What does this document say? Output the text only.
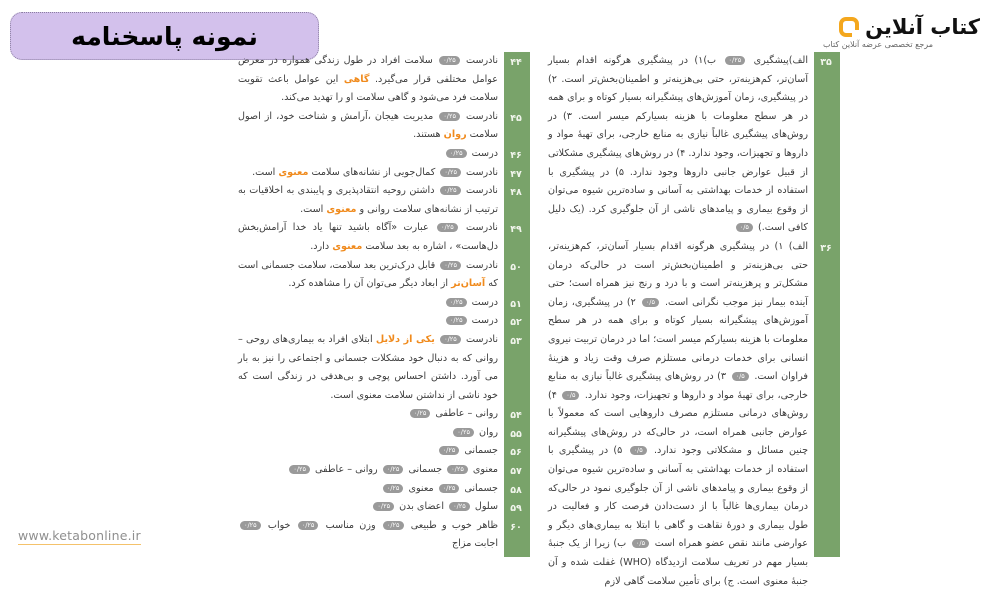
نمونه پاسخنامه	کتاب آنلاین
مرجع تخصصی عرضه آنلاین کتاب
۳۵
الف)پیشگیری ۰/۲۵ ب)۱) در پیشگیری هرگونه اقدام بسیار آسان‌تر، کم‌هزینه‌تر، حتی بی‌هزینه‌تر و اطمینان‌بخش‌تر است. ۲) در پیشگیری، زمان آموزش‌های پیشگیرانه بسیار کوتاه و برای همه در هر سطح معلومات با هزینه بسیارکم میسر است. ۳) در روش‌های پیشگیری غالباً نیازی به منابع خارجی، برای تهیهٔ مواد و داروها و تجهیزات، وجود ندارد. ۴) در روش‌های پیشگیری مشکلاتی از قبیل عوارض جانبی داروها وجود ندارد. ۵) در پیشگیری با استفاده از خدمات بهداشتی به آسانی و ساده‌ترین شیوه می‌توان از وقوع بیماری و پیامدهای ناشی از آن جلوگیری کرد. (یک دلیل کافی است.) ۰/۵
۳۶
الف) ۱) در پیشگیری هرگونه اقدام بسیار آسان‌تر، کم‌هزینه‌تر، حتی بی‌هزینه‌تر و اطمینان‌بخش‌تر است در حالی‌که درمان مشکل‌تر و پرهزینه‌تر است و با درد و رنج نیز همراه است؛ حتی آینده بیمار نیز موجب نگرانی است. ۰/۵ ۲) در پیشگیری، زمان آموزش‌های پیشگیرانه بسیار کوتاه و برای همه در هر سطح معلومات با هزینه بسیارکم میسر است؛ اما در درمان تربیت نیروی انسانی برای خدمات درمانی مستلزم صرف وقت زیاد و هزینهٔ فراوان است. ۰/۵ ۳) در روش‌های پیشگیری غالباً نیازی به منابع خارجی، برای تهیهٔ مواد و داروها و تجهیزات، وجود ندارد. ۰/۵ ۴) روش‌های درمانی مستلزم مصرف داروهایی است که معمولاً با عوارض جانبی همراه است، در حالی‌که در روش‌های پیشگیرانه چنین مسائل و مشکلاتی وجود ندارد. ۰/۵ ۵) در پیشگیری با استفاده از خدمات بهداشتی به آسانی و ساده‌ترین شیوه می‌توان از وقوع بیماری و پیامدهای ناشی از آن جلوگیری نمود در حالی‌که درمان بیماری‌ها غالباً با از دست‌دادن فرصت کار و فعالیت در طول بیماری و دورهٔ نقاهت و گاهی با ابتلا به بیماری‌های دیگر و عوارضی مانند نقص عضو همراه است ۰/۵ ب) زیرا از یک جنبهٔ بسیار مهم در تعریف سلامت ازدیدگاه (WHO) غفلت شده و آن جنبهٔ معنوی است. ج) برای تأمین سلامت گاهی لازم
۴۴
نادرست ۰/۲۵ سلامت افراد در طول زندگی همواره در معرض عوامل مختلفی قرار می‌گیرد. گاهی این عوامل باعث تقویت سلامت فرد می‌شود و گاهی سلامت او را تهدید می‌کند.
۴۵
نادرست ۰/۲۵ مدیریت هیجان ،آرامش و شناخت خود، از اصول سلامت روان هستند.
۴۶
درست ۰/۲۵
۴۷
نادرست ۰/۲۵ کمال‌جویی از نشانه‌های سلامت معنوی است.
۴۸
نادرست ۰/۲۵ داشتن روحیه انتقادپذیری و پایبندی به اخلاقیات به ترتیب از نشانه‌های سلامت روانی و معنوی است.
۴۹
نادرست ۰/۲۵ عبارت «آگاه باشید تنها یاد خدا آرامش‌بخش دل‌هاست» ، اشاره به بعد سلامت معنوی دارد.
۵۰
نادرست ۰/۲۵ قابل درک‌ترین بعد سلامت، سلامت جسمانی است که آسان‌تر از ابعاد دیگر می‌توان آن را مشاهده کرد.
۵۱
درست ۰/۲۵
۵۲
درست ۰/۲۵
۵۳
نادرست ۰/۲۵ یکی از دلایل ابتلای افراد به بیماری‌های روحی – روانی که به دنبال خود مشکلات جسمانی و اجتماعی را نیز به بار می آورد. داشتن احساس پوچی و بی‌هدفی در زندگی است که خود ناشی از نداشتن سلامت معنوی است.
۵۴
روانی – عاطفی ۰/۲۵
۵۵
روان ۰/۲۵
۵۶
جسمانی ۰/۲۵
۵۷
معنوی ۰/۲۵ جسمانی ۰/۲۵ روانی – عاطفی ۰/۲۵
۵۸
جسمانی ۰/۲۵ معنوی ۰/۲۵
۵۹
سلول ۰/۲۵ اعضای بدن ۰/۲۵
۶۰
ظاهر خوب و طبیعی ۰/۲۵ وزن مناسب ۰/۲۵ خواب ۰/۲۵ اجابت مزاج
www.ketabonline.ir
